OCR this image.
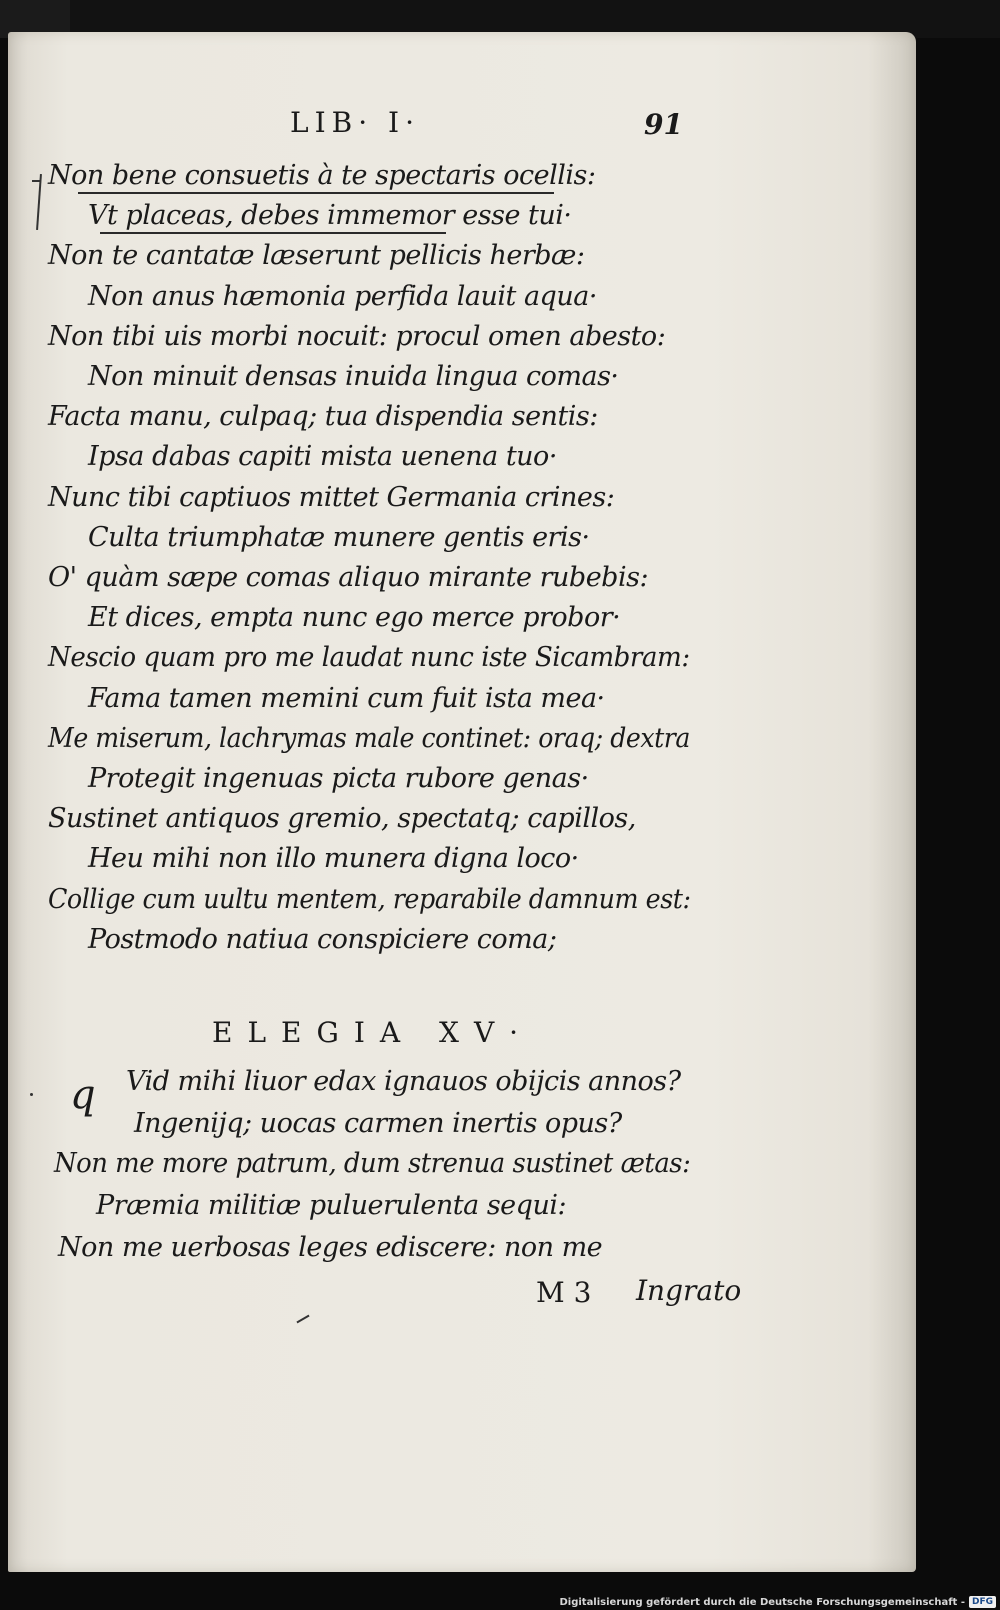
LIB· I·	91
Non bene consuetis à te spectaris ocellis:
Vt placeas, debes immemor esse tui·
Non te cantatæ læserunt pellicis herbæ:
Non anus hæmonia perfida lauit aqua·
Non tibi uis morbi nocuit: procul omen abesto:
Non minuit densas inuida lingua comas·
Facta manu, culpaq; tua dispendia sentis:
Ipsa dabas capiti mista uenena tuo·
Nunc tibi captiuos mittet Germania crines:
Culta triumphatæ munere gentis eris·
O' quàm sæpe comas aliquo mirante rubebis:
Et dices, empta nunc ego merce probor·
Nescio quam pro me laudat nunc iste Sicambram:
Fama tamen memini cum fuit ista mea·
Me miserum, lachrymas male continet: oraq; dextra
Protegit ingenuas picta rubore genas·
Sustinet antiquos gremio, spectatq; capillos,
Heu mihi non illo munera digna loco·
Collige cum uultu mentem, reparabile damnum est:
Postmodo natiua conspiciere coma;
ELEGIA XV·
q Vid mihi liuor edax ignauos obijcis annos?
Ingenijq; uocas carmen inertis opus?
Non me more patrum, dum strenua sustinet ætas:
Præmia militiæ puluerulenta sequi:
Non me uerbosas leges ediscere: non me
M 3 Ingrato
Digitalisierung gefördert durch die Deutsche Forschungsgemeinschaft - DFG
